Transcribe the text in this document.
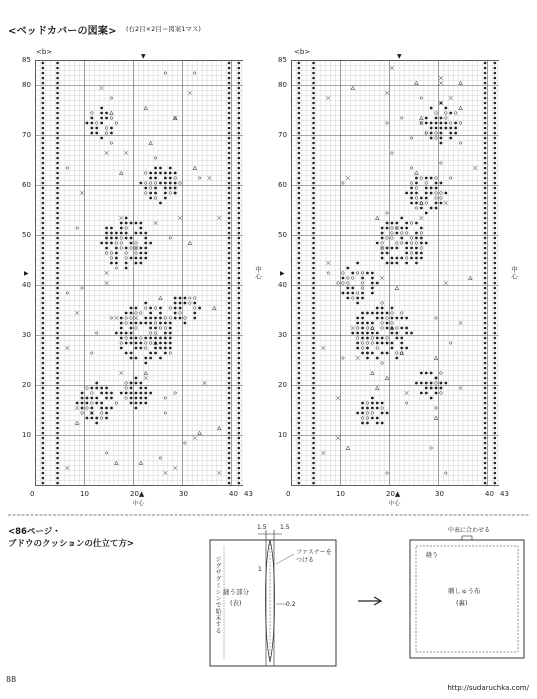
<ベッドカバーの図案> (右2目×2目＝図案1マス)
<b>
▼
85
80
70
60
50
40
30
20
10
0	10	20▲	30	40 43
中心
中心
▶
<b>
▼
85
80
70
60
50
40
30
20
10
0	10	20▲	30	40 43
中心
中心
▶
<86ページ・
ブドウのクッションの仕立て方>
1.5 1.5
ファスナーを
つける
縫う部分
(表)
ジグザグミシンで始末する	1
0.2
中表に合わせる
縫う
刺しゅう布
(裏)
88
http://sudaruchka.com/
